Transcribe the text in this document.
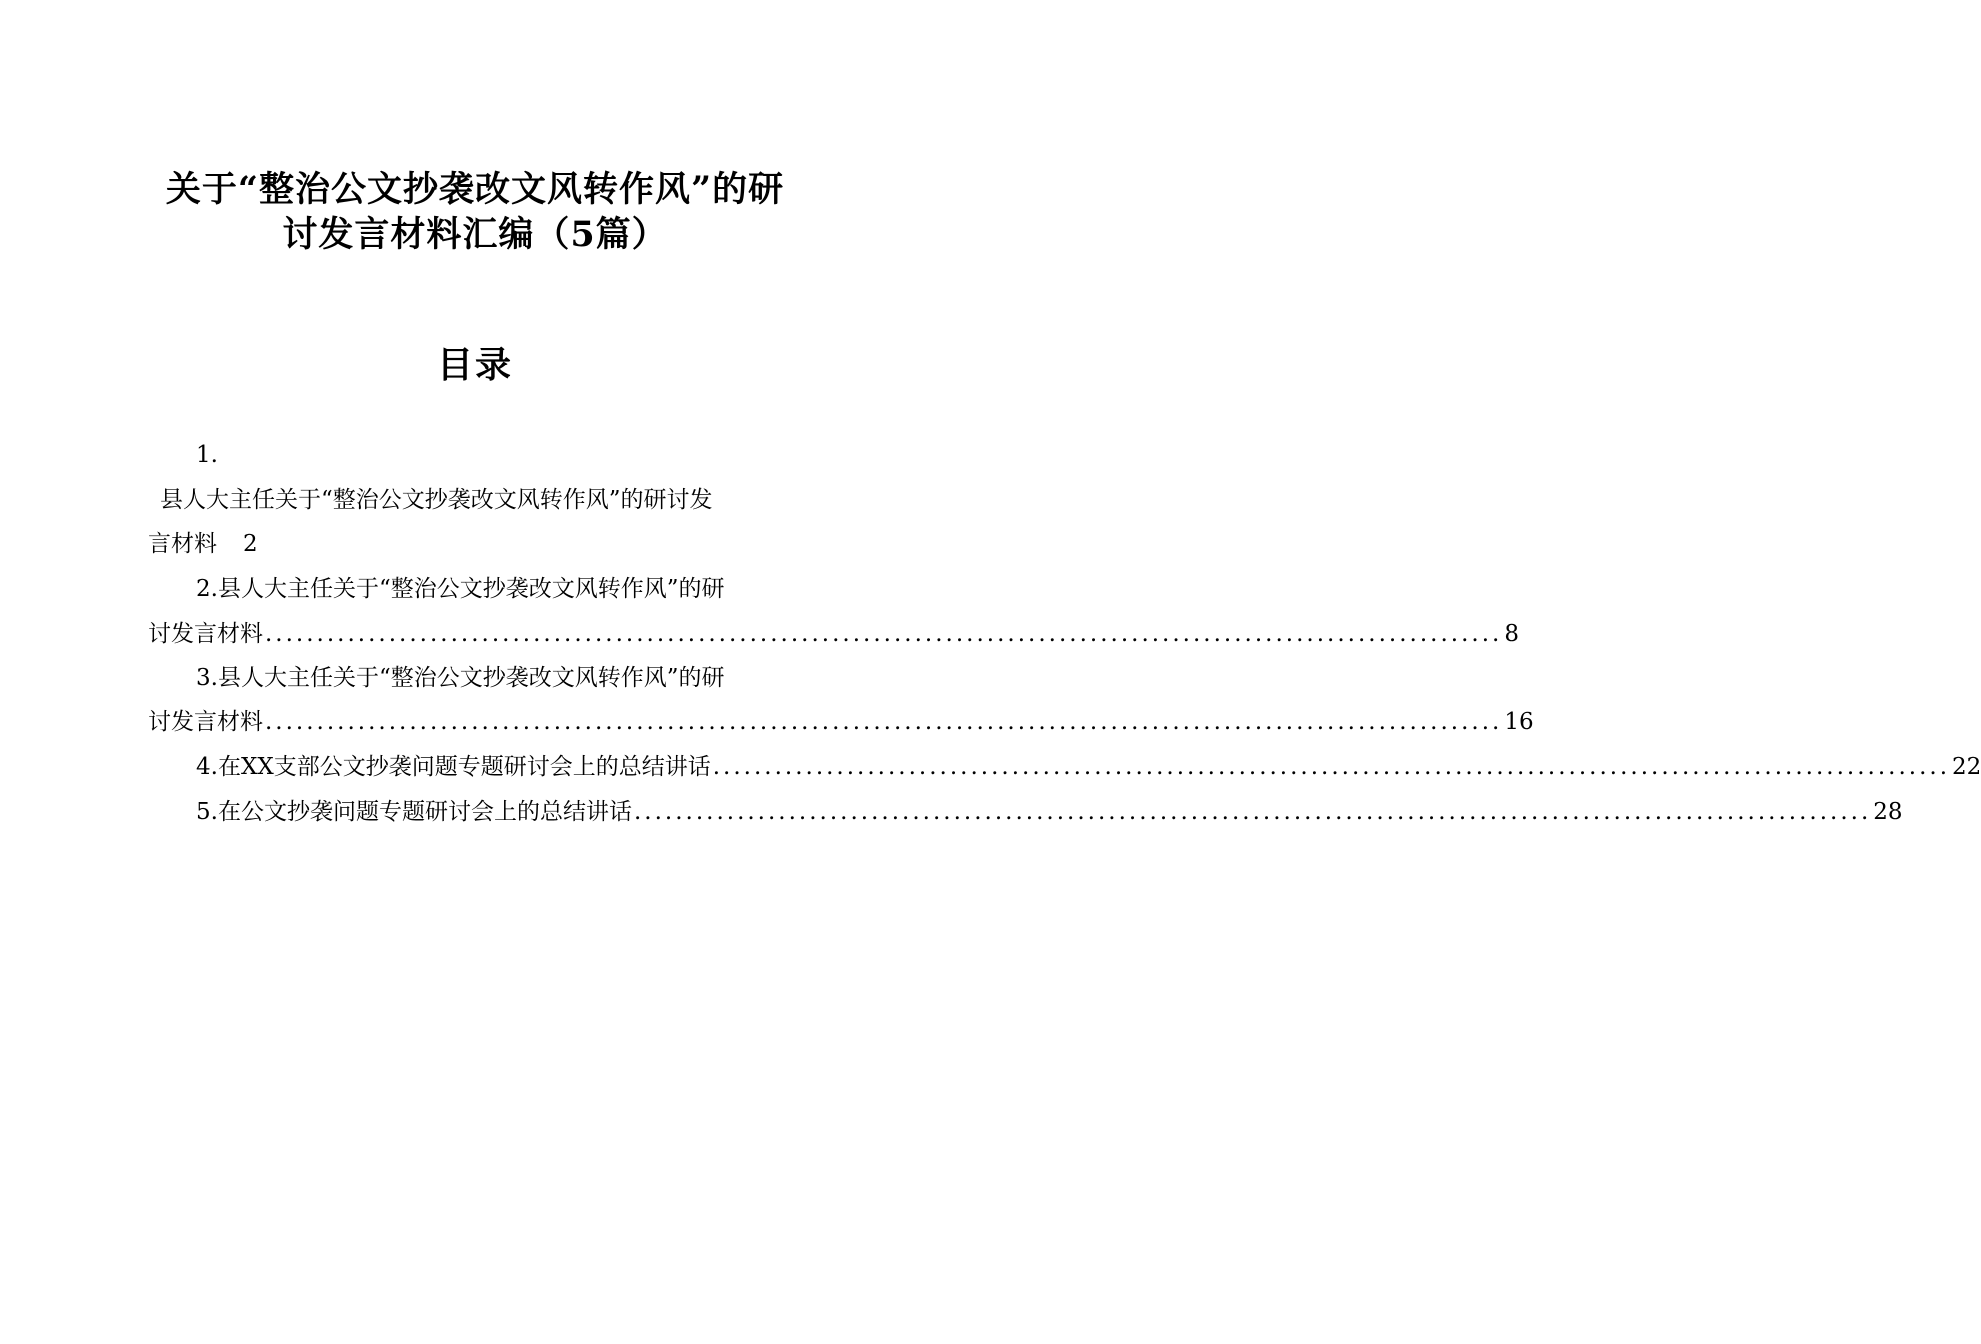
关于“整治公文抄袭改文风转作风”的研
讨发言材料汇编（5篇）
目录
1.
县人大主任关于“整治公文抄袭改文风转作风”的研讨发
言材料 2
2.县人大主任关于“整治公文抄袭改文风转作风”的研
讨发言材料 ........................................................................................................................ 8
3.县人大主任关于“整治公文抄袭改文风转作风”的研
讨发言材料 ........................................................................................................................ 16
4.在XX支部公文抄袭问题专题研讨会上的总结讲话 ........................................................................................................................ 22
5.在公文抄袭问题专题研讨会上的总结讲话 ........................................................................................................................ 28
